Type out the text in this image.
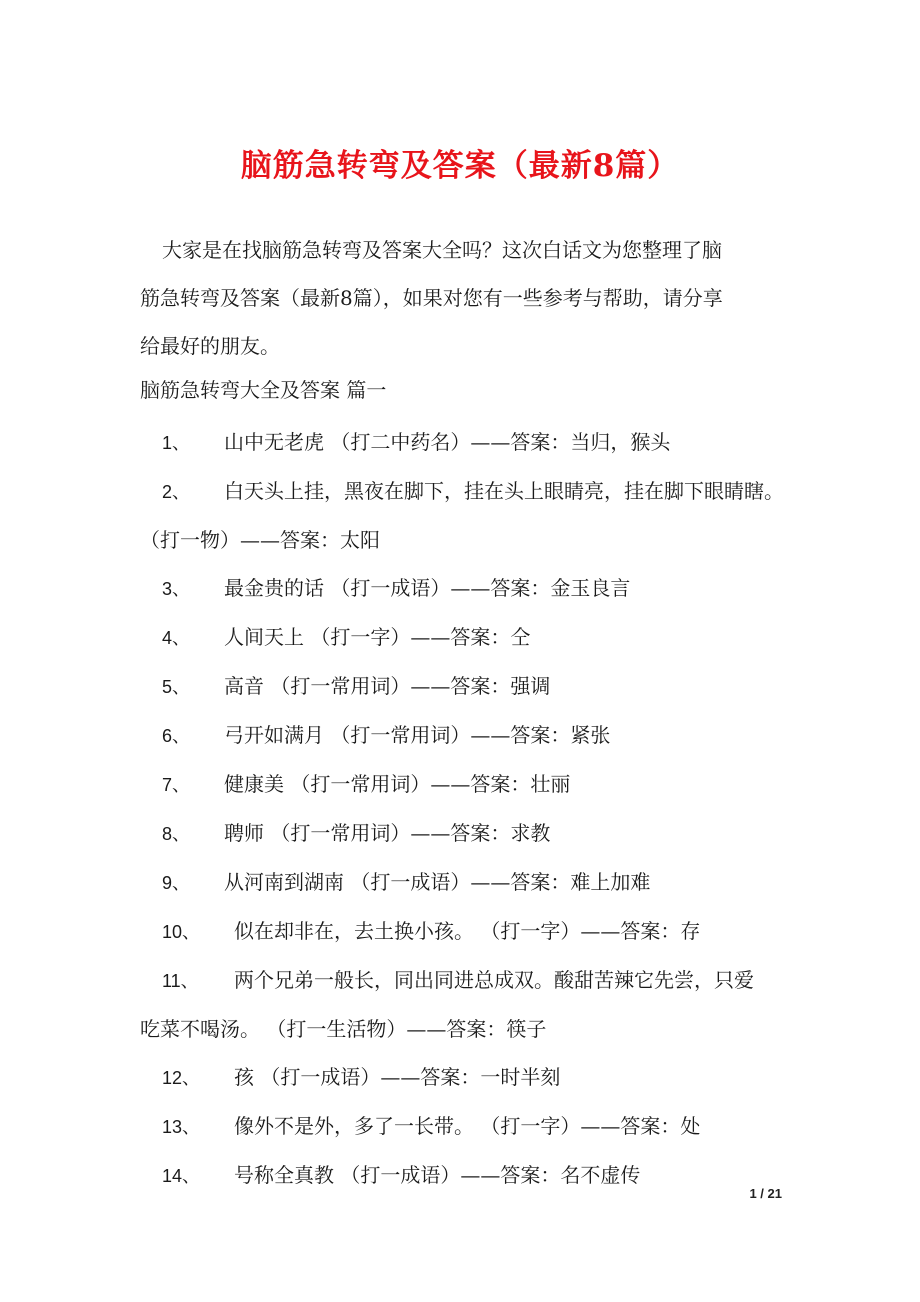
脑筋急转弯及答案（最新8篇）
大家是在找脑筋急转弯及答案大全吗？这次白话文为您整理了脑
筋急转弯及答案（最新8篇），如果对您有一些参考与帮助，请分享
给最好的朋友。
脑筋急转弯大全及答案 篇一
1、 山中无老虎 （打二中药名）——答案：当归，猴头
2、 白天头上挂，黑夜在脚下，挂在头上眼睛亮，挂在脚下眼睛瞎。
（打一物）——答案：太阳
3、 最金贵的话 （打一成语）——答案：金玉良言
4、 人间天上 （打一字）——答案：仝
5、 高音 （打一常用词）——答案：强调
6、 弓开如满月 （打一常用词）——答案：紧张
7、 健康美 （打一常用词）——答案：壮丽
8、 聘师 （打一常用词）——答案：求教
9、 从河南到湖南 （打一成语）——答案：难上加难
10、 似在却非在，去土换小孩。 （打一字）——答案：存
11、 两个兄弟一般长，同出同进总成双。酸甜苦辣它先尝，只爱
吃菜不喝汤。 （打一生活物）——答案：筷子
12、 孩 （打一成语）——答案：一时半刻
13、 像外不是外，多了一长带。 （打一字）——答案：处
14、 号称全真教 （打一成语）——答案：名不虚传
1 / 21
